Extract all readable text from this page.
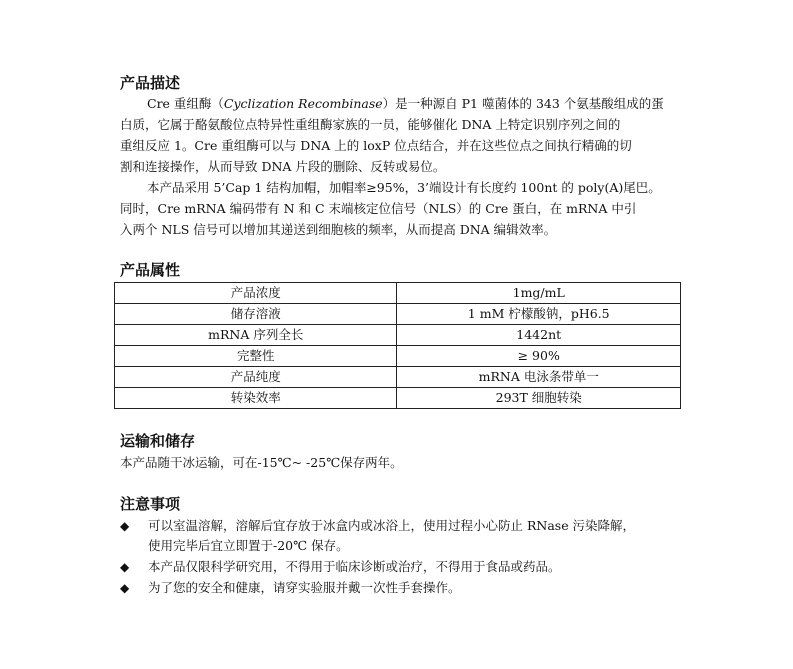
产品描述
Cre 重组酶（Cyclization Recombinase）是一种源自 P1 噬菌体的 343 个氨基酸组成的蛋
白质，它属于酪氨酸位点特异性重组酶家族的一员，能够催化 DNA 上特定识别序列之间的
重组反应 1。Cre 重组酶可以与 DNA 上的 loxP 位点结合，并在这些位点之间执行精确的切
割和连接操作，从而导致 DNA 片段的删除、反转或易位。
本产品采用 5’Cap 1 结构加帽，加帽率≥95%，3’端设计有长度约 100nt 的 poly(A)尾巴。
同时，Cre mRNA 编码带有 N 和 C 末端核定位信号（NLS）的 Cre 蛋白，在 mRNA 中引
入两个 NLS 信号可以增加其递送到细胞核的频率，从而提高 DNA 编辑效率。
产品属性
产品浓度	1mg/mL
储存溶液	1 mM 柠檬酸钠，pH6.5
mRNA 序列全长	1442nt
完整性	≥ 90%
产品纯度	mRNA 电泳条带单一
转染效率	293T 细胞转染
运输和储存
本产品随干冰运输，可在-15℃~ -25℃保存两年。
注意事项
◆	可以室温溶解，溶解后宜存放于冰盒内或冰浴上，使用过程小心防止 RNase 污染降解，
使用完毕后宜立即置于-20℃ 保存。
◆	本产品仅限科学研究用，不得用于临床诊断或治疗，不得用于食品或药品。
◆	为了您的安全和健康，请穿实验服并戴一次性手套操作。
